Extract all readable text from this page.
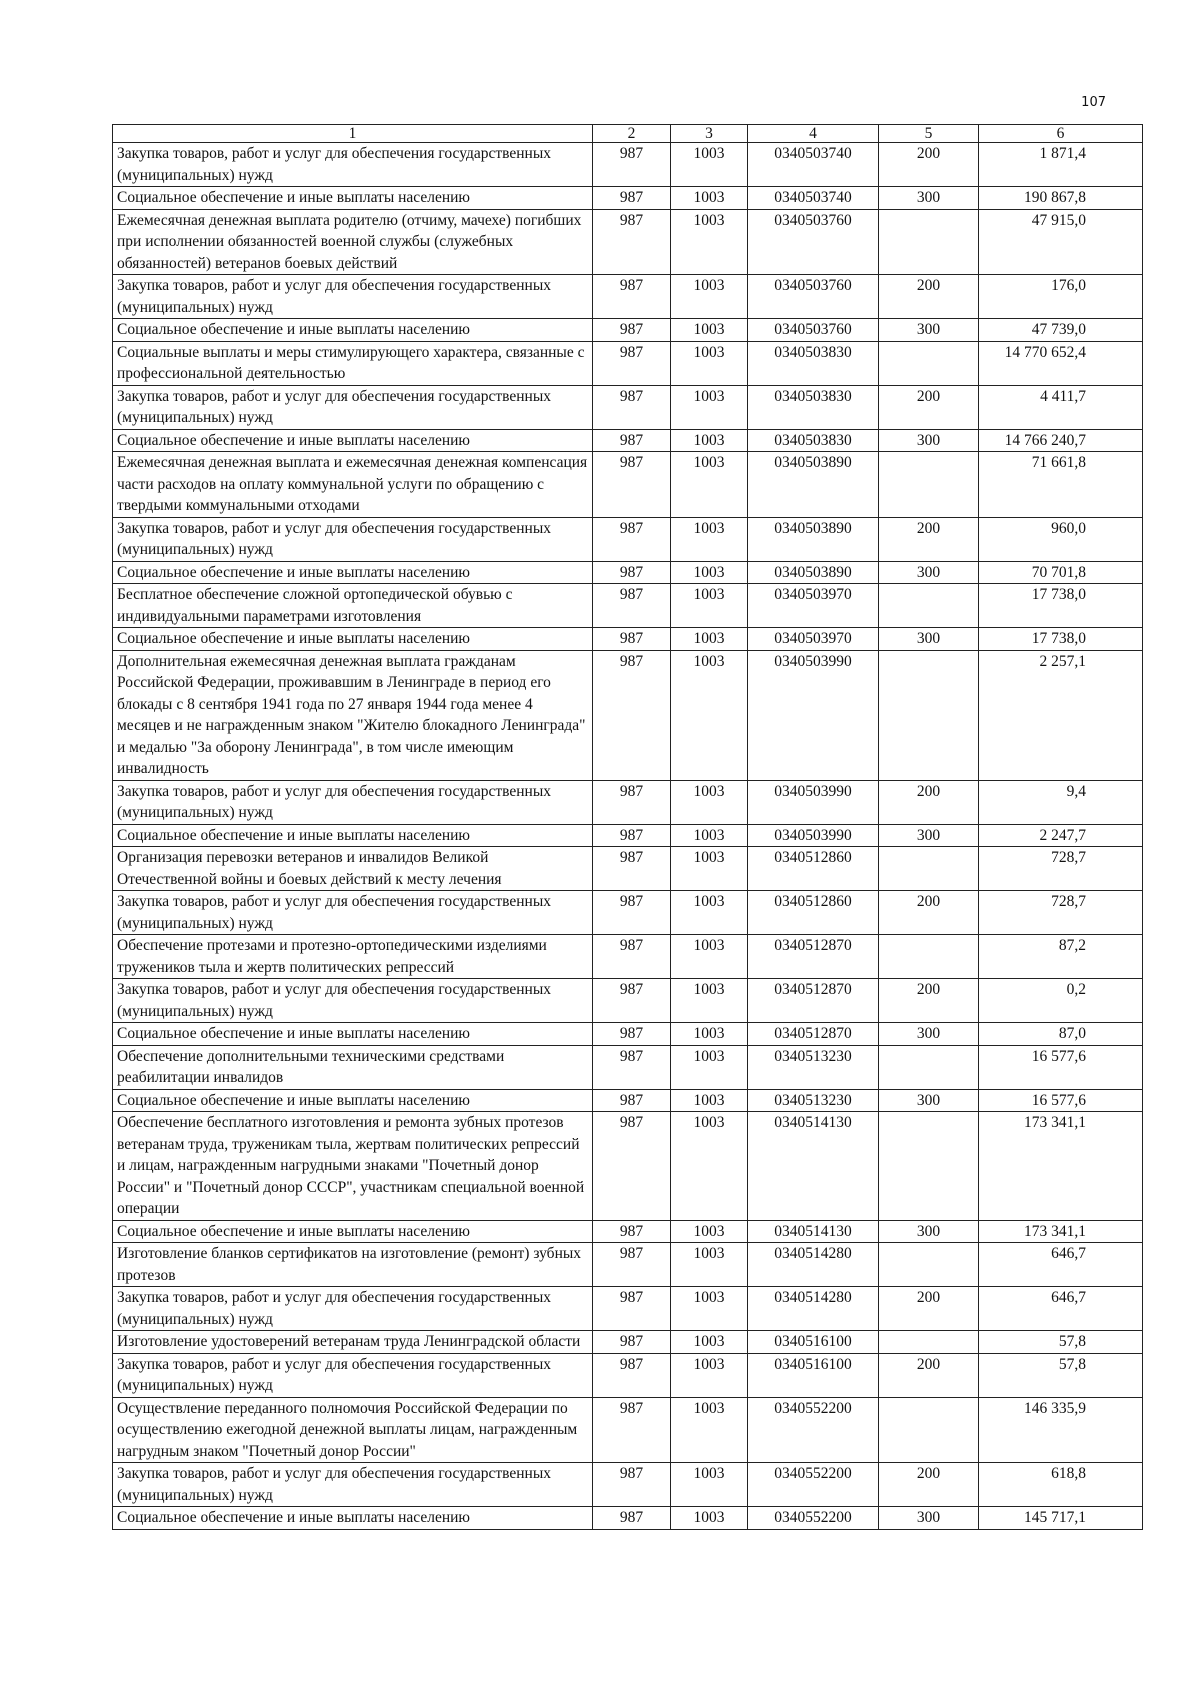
107
1	2	3	4	5	6
Закупка товаров, работ и услуг для обеспечения государственных (муниципальных) нужд	987	1003	0340503740	200	1 871,4
Социальное обеспечение и иные выплаты населению	987	1003	0340503740	300	190 867,8
Ежемесячная денежная выплата родителю (отчиму, мачехе) погибших при исполнении обязанностей военной службы (служебных обязанностей) ветеранов боевых действий	987	1003	0340503760		47 915,0
Закупка товаров, работ и услуг для обеспечения государственных (муниципальных) нужд	987	1003	0340503760	200	176,0
Социальное обеспечение и иные выплаты населению	987	1003	0340503760	300	47 739,0
Социальные выплаты и меры стимулирующего характера, связанные с профессиональной деятельностью	987	1003	0340503830		14 770 652,4
Закупка товаров, работ и услуг для обеспечения государственных (муниципальных) нужд	987	1003	0340503830	200	4 411,7
Социальное обеспечение и иные выплаты населению	987	1003	0340503830	300	14 766 240,7
Ежемесячная денежная выплата и ежемесячная денежная компенсация части расходов на оплату коммунальной услуги по обращению с твердыми коммунальными отходами	987	1003	0340503890		71 661,8
Закупка товаров, работ и услуг для обеспечения государственных (муниципальных) нужд	987	1003	0340503890	200	960,0
Социальное обеспечение и иные выплаты населению	987	1003	0340503890	300	70 701,8
Бесплатное обеспечение сложной ортопедической обувью с индивидуальными параметрами изготовления	987	1003	0340503970		17 738,0
Социальное обеспечение и иные выплаты населению	987	1003	0340503970	300	17 738,0
Дополнительная ежемесячная денежная выплата гражданам Российской Федерации, проживавшим в Ленинграде в период его блокады с 8 сентября 1941 года по 27 января 1944 года менее 4 месяцев и не награжденным знаком "Жителю блокадного Ленинграда" и медалью "За оборону Ленинграда", в том числе имеющим инвалидность	987	1003	0340503990		2 257,1
Закупка товаров, работ и услуг для обеспечения государственных (муниципальных) нужд	987	1003	0340503990	200	9,4
Социальное обеспечение и иные выплаты населению	987	1003	0340503990	300	2 247,7
Организация перевозки ветеранов и инвалидов Великой Отечественной войны и боевых действий к месту лечения	987	1003	0340512860		728,7
Закупка товаров, работ и услуг для обеспечения государственных (муниципальных) нужд	987	1003	0340512860	200	728,7
Обеспечение протезами и протезно-ортопедическими изделиями тружеников тыла и жертв политических репрессий	987	1003	0340512870		87,2
Закупка товаров, работ и услуг для обеспечения государственных (муниципальных) нужд	987	1003	0340512870	200	0,2
Социальное обеспечение и иные выплаты населению	987	1003	0340512870	300	87,0
Обеспечение дополнительными техническими средствами реабилитации инвалидов	987	1003	0340513230		16 577,6
Социальное обеспечение и иные выплаты населению	987	1003	0340513230	300	16 577,6
Обеспечение бесплатного изготовления и ремонта зубных протезов ветеранам труда, труженикам тыла, жертвам политических репрессий и лицам, награжденным нагрудными знаками "Почетный донор России" и "Почетный донор СССР", участникам специальной военной операции	987	1003	0340514130		173 341,1
Социальное обеспечение и иные выплаты населению	987	1003	0340514130	300	173 341,1
Изготовление бланков сертификатов на изготовление (ремонт) зубных протезов	987	1003	0340514280		646,7
Закупка товаров, работ и услуг для обеспечения государственных (муниципальных) нужд	987	1003	0340514280	200	646,7
Изготовление удостоверений ветеранам труда Ленинградской области	987	1003	0340516100		57,8
Закупка товаров, работ и услуг для обеспечения государственных (муниципальных) нужд	987	1003	0340516100	200	57,8
Осуществление переданного полномочия Российской Федерации по осуществлению ежегодной денежной выплаты лицам, награжденным нагрудным знаком "Почетный донор России"	987	1003	0340552200		146 335,9
Закупка товаров, работ и услуг для обеспечения государственных (муниципальных) нужд	987	1003	0340552200	200	618,8
Социальное обеспечение и иные выплаты населению	987	1003	0340552200	300	145 717,1
